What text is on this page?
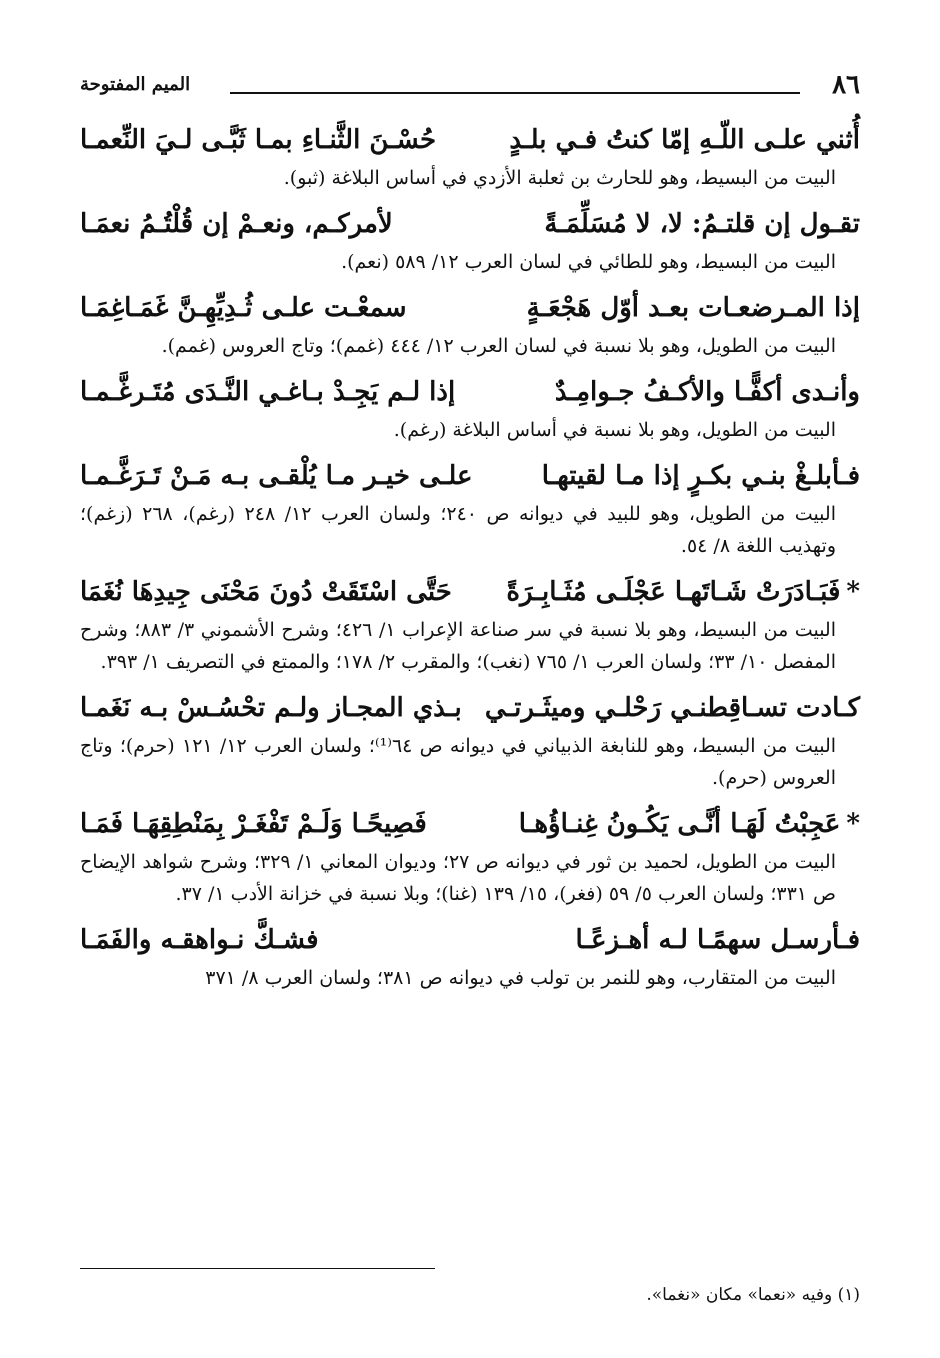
٨٦
الميم المفتوحة
أُثني علـى اللّـهِ إمّا كنتُ فـي بلـدٍ
حُسْـنَ الثَّنـاءِ بمـا ثَبَّـى لـيَ النِّعمـا
البيت من البسيط، وهو للحارث بن ثعلبة الأزدي في أساس البلاغة (ثبو).
تقـول إن قلتـمُ: لا، لا مُسَلِّمَـةً
لأمركـم، ونعـمْ إن قُلْتُـمُ نعمَـا
البيت من البسيط، وهو للطائي في لسان العرب ١٢/ ٥٨٩ (نعم).
إذا المـرضعـات بعـد أوّل هَجْعَـةٍ
سمعْـت علـى ثُـدِيِّهِـنَّ غَمَـاغِمَـا
البيت من الطويل، وهو بلا نسبة في لسان العرب ١٢/ ٤٤٤ (غمم)؛ وتاج العروس (غمم).
وأنـدى أكفًّـا والأكـفُ جـوامِـدٌ
إذا لـم يَجِـدْ بـاغـي النَّـدَى مُتَـرغَّـمـا
البيت من الطويل، وهو بلا نسبة في أساس البلاغة (رغم).
فـأبلـغْ بنـي بكـرٍ إذا مـا لقيتهـا
علـى خيـر مـا يُلْقـى بـه مَـنْ تَـرَغَّـمـا
البيت من الطويل، وهو للبيد في ديوانه ص ٢٤٠؛ ولسان العرب ١٢/ ٢٤٨ (رغم)، ٢٦٨ (زغم)؛ وتهذيب اللغة ٨/ ٥٤.
*فَبَـادَرَتْ شَـاتَهـا عَجْلَـى مُثَـابِـرَةً
حَتَّى اسْتَقَتْ دُونَ مَحْنَى جِيدِهَا نُغَمَا
البيت من البسيط، وهو بلا نسبة في سر صناعة الإعراب ١/ ٤٢٦؛ وشرح الأشموني ٣/ ٨٨٣؛ وشرح المفصل ١٠/ ٣٣؛ ولسان العرب ١/ ٧٦٥ (نغب)؛ والمقرب ٢/ ١٧٨؛ والممتع في التصريف ١/ ٣٩٣.
كـادت تسـاقِطنـي رَحْلـي وميثَـرتـي
بـذي المجـاز ولـم تحْسُـسْ بـه نَغَمـا
البيت من البسيط، وهو للنابغة الذبياني في ديوانه ص ٦٤⁽¹⁾؛ ولسان العرب ١٢/ ١٢١ (حرم)؛ وتاج العروس (حرم).
*عَجِبْتُ لَهَـا أنَّـى يَكُـونُ غِنـاؤُهـا
فَصِيحًـا وَلَـمْ تَفْغَـرْ بِمَنْطِقِهَـا فَمَـا
البيت من الطويل، لحميد بن ثور في ديوانه ص ٢٧؛ وديوان المعاني ١/ ٣٢٩؛ وشرح شواهد الإيضاح ص ٣٣١؛ ولسان العرب ٥/ ٥٩ (فغر)، ١٥/ ١٣٩ (غنا)؛ وبلا نسبة في خزانة الأدب ١/ ٣٧.
فـأرسـل سهمًـا لـه أهـزعًـا
فشـكَّ نـواهقـه والفَمَـا
البيت من المتقارب، وهو للنمر بن تولب في ديوانه ص ٣٨١؛ ولسان العرب ٨/ ٣٧١
(١) وفيه «نعما» مكان «نغما».
